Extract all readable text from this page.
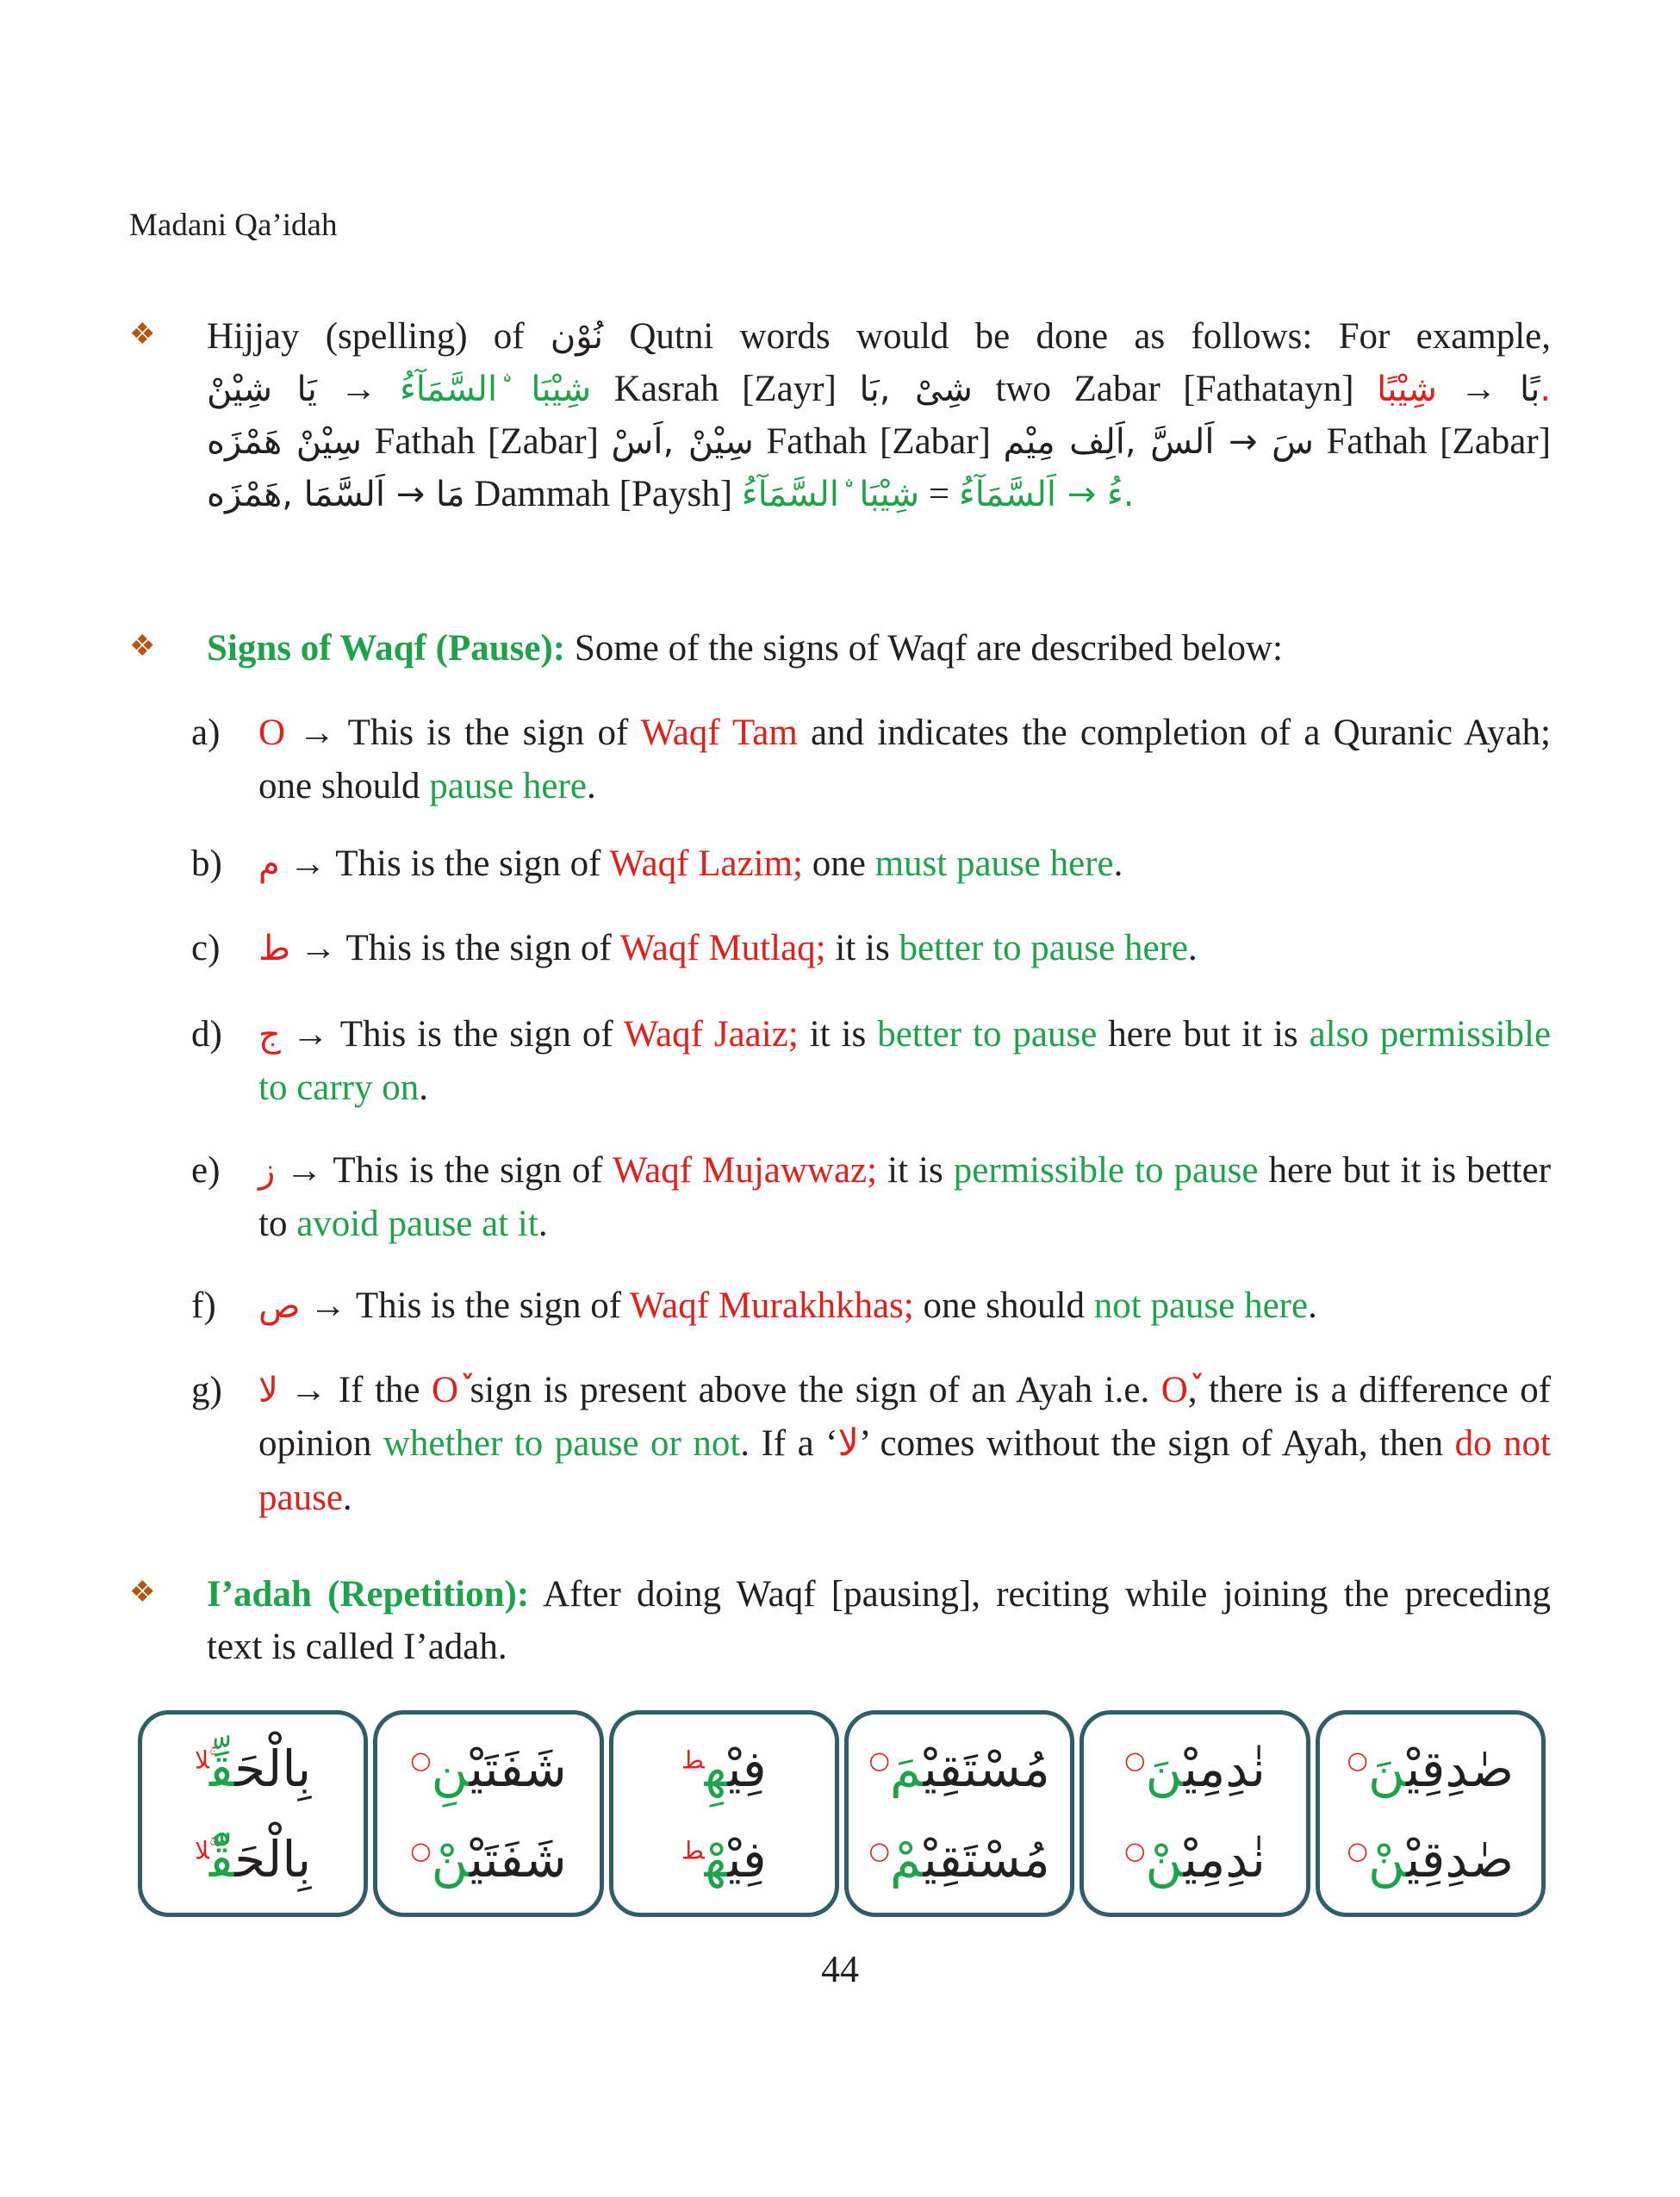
Madani Qa’idah
❖ Hijjay (spelling) of نُوْن Qutni words would be done as follows: For example,
شِيْبَا ۨالسَّمَآءُ → يَا شِيْنْ	Kasrah [Zayr] شِیْ ,بَا two Zabar [Fathatayn]	بًا → شِيْبًا.
سِيْنْ هَمْزَه Fathah [Zabar] سِيْنْ ,اَسْ Fathah [Zabar] سَ → اَلسَّ ,اَلِف مِيْم Fathah [Zabar]
مَا → اَلسَّمَا ,هَمْزَه Dammah [Paysh]	ءُ → اَلسَّمَآءُ = شِيْبَا ۨالسَّمَآءُ.
❖ Signs of Waqf (Pause): Some of the signs of Waqf are described below:
a) O → This is the sign of Waqf Tam and indicates the completion of a Quranic Ayah; one should pause here.
b) م → This is the sign of Waqf Lazim; one must pause here.
c) ط → This is the sign of Waqf Mutlaq; it is better to pause here.
d) ج → This is the sign of Waqf Jaaiz; it is better to pause here but it is also permissible to carry on.
e) ز → This is the sign of Waqf Mujawwaz; it is permissible to pause here but it is better to avoid pause at it.
f) ص → This is the sign of Waqf Murakhkhas; one should not pause here.
g) لا → If the Oٚ sign is present above the sign of an Ayah i.e. Oٚ, there is a difference of opinion whether to pause or not. If a ‘لا’ comes without the sign of Ayah, then do not pause.
❖ I’adah (Repetition): After doing Waqf [pausing], reciting while joining the preceding text is called I’adah.
بِالْحَقِّ$^{ۚلا}$
بِالْحَقّْ$^{ۚلا}$
شَفَتَيْنِ○
شَفَتَيْنْ○
فِيْهِ$^ط$
فِيْهْ$^ط$
مُسْتَقِيْمَ○
مُسْتَقِيْمْ○
نٰدِمِيْنَ○
نٰدِمِيْنْ○
صٰدِقِيْنَ○
صٰدِقِيْنْ○
44
